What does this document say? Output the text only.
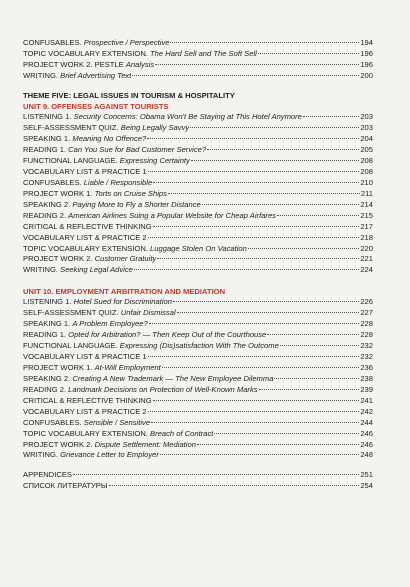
CONFUSABLES. Prospective / Perspective	194
TOPIC VOCABULARY EXTENSION. The Hard Sell and The Soft Sell	196
PROJECT WORK 2. PESTLE Analysis	196
WRITING. Brief Advertising Text	200
THEME FIVE: LEGAL ISSUES IN TOURISM & HOSPITALITY
UNIT 9. OFFENSES AGAINST TOURISTS
LISTENING 1. Security Concerns: Obama Won't Be Staying at This Hotel Anymore	203
SELF-ASSESSMENT QUIZ. Being Legally Savvy	203
SPEAKING 1. Meaning No Offence?	204
READING 1. Can You Sue for Bad Customer Service?	205
FUNCTIONAL LANGUAGE. Expressing Certainty	208
VOCABULARY LIST & PRACTICE 1	208
CONFUSABLES. Liable / Responsible	210
PROJECT WORK 1. Torts on Cruise Ships	211
SPEAKING 2. Paying More to Fly a Shorter Distance	214
READING 2. American Airlines Suing a Popular Website for Cheap Airfares	215
CRITICAL & REFLECTIVE THINKING	217
VOCABULARY LIST & PRACTICE 2	218
TOPIC VOCABULARY EXTENSION. Luggage Stolen On Vacation	220
PROJECT WORK 2. Customer Gratuity	221
WRITING. Seeking Legal Advice	224
UNIT 10. EMPLOYMENT ARBITRATION AND MEDIATION
LISTENING 1. Hotel Sued for Discrimination	226
SELF-ASSESSMENT QUIZ. Unfair Dismissal	227
SPEAKING 1. A Problem Employee?	228
READING 1. Opted for Arbitration? — Then Keep Out of the Courthouse	228
FUNCTIONAL LANGUAGE. Expressing (Dis)satisfaction With The Outcome	232
VOCABULARY LIST & PRACTICE 1	232
PROJECT WORK 1. At-Will Employment	236
SPEAKING 2. Creating A New Trademark — The New Employee Dilemma	238
READING 2. Landmark Decisions on Protection of Well-Known Marks	239
CRITICAL & REFLECTIVE THINKING	241
VOCABULARY LIST & PRACTICE 2	242
CONFUSABLES. Sensible / Sensitive	244
TOPIC VOCABULARY EXTENSION. Breach of Contract	246
PROJECT WORK 2. Dispute Settlement: Mediation	246
WRITING. Grievance Letter to Employer	248
APPENDICES	251
СПИСОК ЛИТЕРАТУРЫ	254
